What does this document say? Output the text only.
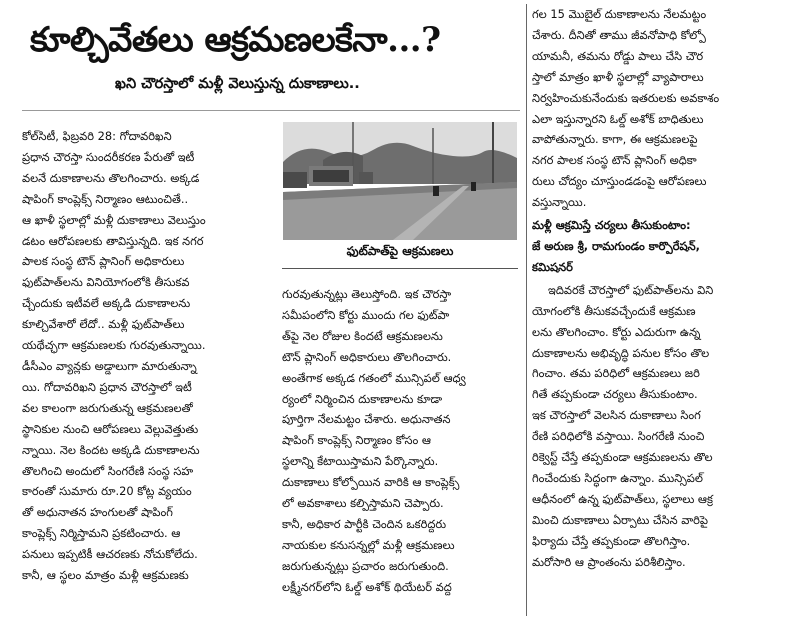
కూల్చివేతలు ఆక్రమణలకేనా...?
ఖని చౌరస్తాలో మళ్లీ వెలుస్తున్న దుకాణాలు..
ఫుట్‌పాత్‌పై ఆక్రమణలు
కోల్‌సిటీ, ఫిబ్రవరి 28: గోదావరిఖని
ప్రధాన చౌరస్తా సుందరీకరణ పేరుతో ఇటీ
వలనే దుకాణాలను తొలగించారు. అక్కడ
షాపింగ్ కాంప్లెక్స్ నిర్మాణం ఆటుంచితే..
ఆ ఖాళీ స్థలాల్లో మళ్లీ దుకాణాలు వెలుస్తుం
డటం ఆరోపణలకు తావిస్తున్నది. ఇక నగర
పాలక సంస్థ టౌన్ ప్లానింగ్ అధికారులు
ఫుట్‌పాత్‌లను వినియోగంలోకి తీసుకవ
చ్చేందుకు ఇటీవలే అక్కడి దుకాణాలను
కూల్చివేశారో లేదో.. మళ్లీ ఫుట్‌పాత్‌లు
యథేచ్ఛగా ఆక్రమణలకు గురవుతున్నాయి.
డీసీఎం వ్యాన్లకు అడ్డాలుగా మారుతున్నా
యి. గోదావరిఖని ప్రధాన చౌరస్తాలో ఇటీ
వల కాలంగా జరుగుతున్న ఆక్రమణలతో
స్థానికుల నుంచి ఆరోపణలు వెల్లువెత్తుతు
న్నాయి. నెల కిందట అక్కడి దుకాణాలను
తొలగించి అందులో సింగరేణి సంస్థ సహ
కారంతో సుమారు రూ.20 కోట్ల వ్యయం
తో అధునాతన హంగులతో షాపింగ్
కాంప్లెక్స్ నిర్మిస్తామని ప్రకటించారు. ఆ
పనులు ఇప్పటికీ ఆచరణకు నోచుకోలేదు.
కానీ, ఆ స్థలం మాత్రం మళ్లీ ఆక్రమణకు
గురవుతున్నట్లు తెలుస్తోంది. ఇక చౌరస్తా
సమీపంలోని కోర్టు ముందు గల ఫుట్‌పా
త్‌పై నెల రోజుల కిందటే ఆక్రమణలను
టౌన్ ప్లానింగ్ అధికారులు తొలగించారు.
అంతేగాక అక్కడ గతంలో మున్సిపల్ ఆధ్వ
ర్యంలో నిర్మించిన దుకాణాలను కూడా
పూర్తిగా నేలమట్టం చేశారు. అధునాతన
షాపింగ్ కాంప్లెక్స్ నిర్మాణం కోసం ఆ
స్థలాన్ని కేటాయిస్తామని పేర్కొన్నారు.
దుకాణాలు కోల్పోయిన వారికి ఆ కాంప్లెక్స్
లో అవకాశాలు కల్పిస్తామని చెప్పారు.
కానీ, అధికార పార్టీకి చెందిన ఒకరిద్దరు
నాయకుల కనుసన్నల్లో మళ్లీ ఆక్రమణలు
జరుగుతున్నట్లు ప్రచారం జరుగుతుంది.
లక్ష్మీనగర్‌లోని ఓల్డ్ అశోక్ థియేటర్ వద్ద
గల 15 మొబైల్ దుకాణాలను నేలమట్టం
చేశారు. దీనితో తాము జీవనోపాధి కోల్పో
యామనీ, తమను రోడ్డు పాలు చేసి చౌర
స్తాలో మాత్రం ఖాళీ స్థలాల్లో వ్యాపారాలు
నిర్వహించుకునేందుకు ఇతరులకు అవకాశం
ఎలా ఇస్తున్నారని ఓల్డ్ అశోక్ బాధితులు
వాపోతున్నారు. కాగా, ఈ ఆక్రమణలపై
నగర పాలక సంస్థ టౌన్ ప్లానింగ్ అధికా
రులు చోద్యం చూస్తుండడంపై ఆరోపణలు
వస్తున్నాయి.
మళ్లీ ఆక్రమిస్తే చర్యలు తీసుకుంటాం:
జే అరుణ శ్రీ, రామగుండం కార్పొరేషన్,
కమిషనర్
ఇదివరకే చౌరస్తాలో ఫుట్‌పాత్‌లను విని
యోగంలోకి తీసుకవచ్చేందుకే ఆక్రమణ
లను తొలగించాం. కోర్టు ఎదురుగా ఉన్న
దుకాణాలను అభివృద్ధి పనుల కోసం తొల
గించాం. తమ పరిధిలో ఆక్రమణలు జరి
గితే తప్పకుండా చర్యలు తీసుకుంటాం.
ఇక చౌరస్తాలో వెలసిన దుకాణాలు సింగ
రేణి పరిధిలోకి వస్తాయి. సింగరేణి నుంచి
రిక్వెస్ట్ చేస్తే తప్పకుండా ఆక్రమణలను తొల
గించేందుకు సిద్ధంగా ఉన్నాం. మున్సిపల్
ఆధీనంలో ఉన్న ఫుట్‌పాత్‌లు, స్థలాలు ఆక్ర
మించి దుకాణాలు ఏర్పాటు చేసిన వారిపై
ఫిర్యాదు చేస్తే తప్పకుండా తొలగిస్తాం.
మరోసారి ఆ ప్రాంతంను పరిశీలిస్తాం.
